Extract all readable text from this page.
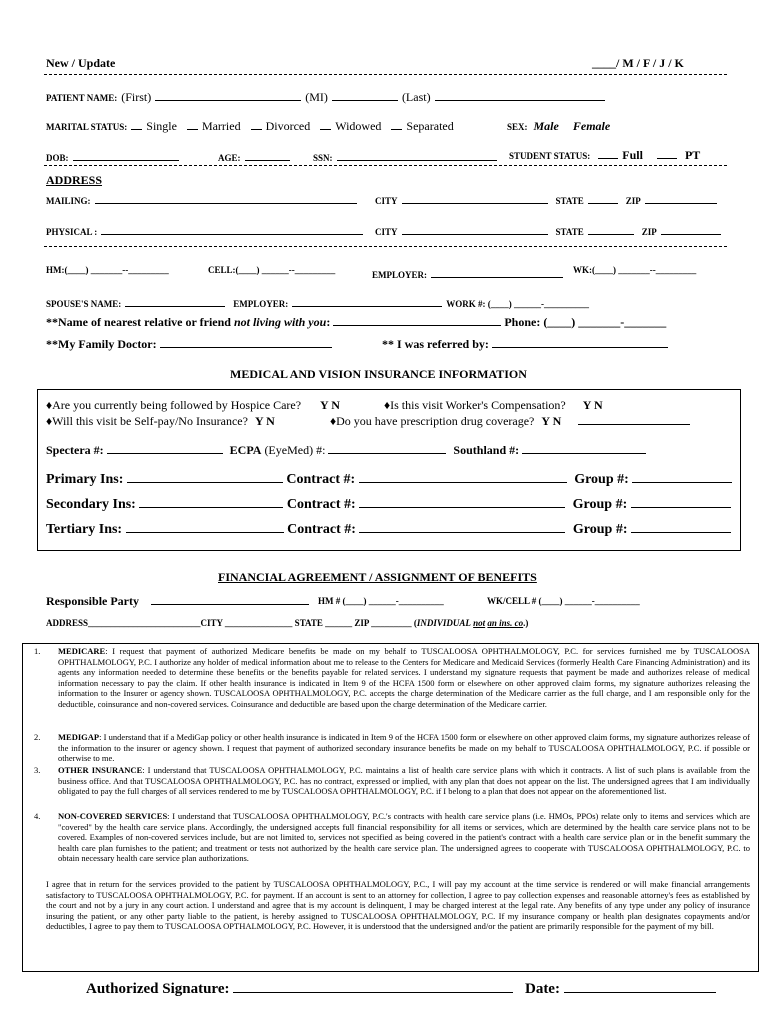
New / Update	____/ M / F / J / K
PATIENT NAME: (First)	(MI)	(Last)
MARITAL STATUS: Single Married Divorced Widowed Separated	SEX: Male Female
DOB:	AGE:	SSN:	STUDENT STATUS:	Full	PT
ADDRESS
MAILING:	CITY	STATE	ZIP
PHYSICAL :	CITY	STATE	ZIP
HM:(____) _______--_________	CELL:(____) ______--_________	EMPLOYER:	WK:(____) _______--_________
SPOUSE'S NAME:	EMPLOYER:	WORK #: (____) ______-__________
**Name of nearest relative or friend not living with you:	Phone: (____) _______-_______
**My Family Doctor:	** I was referred by:
MEDICAL AND VISION INSURANCE INFORMATION
♦Are you currently being followed by Hospice Care? Y N	♦Is this visit Worker's Compensation? Y N
♦Will this visit be Self-pay/No Insurance? Y N	♦Do you have prescription drug coverage? Y N
Spectera #:	ECPA (EyeMed) #:	Southland #:
Primary Ins:	Contract #:	Group #:
Secondary Ins:	Contract #:	Group #:
Tertiary Ins:	Contract #:	Group #:
FINANCIAL AGREEMENT / ASSIGNMENT OF BENEFITS
Responsible Party	HM # (____) ______-__________	WK/CELL # (____) ______-__________
ADDRESS_________________________CITY _______________ STATE ______ ZIP _________ (INDIVIDUAL not an ins. co.)
1. MEDICARE: I request that payment of authorized Medicare benefits be made on my behalf to TUSCALOOSA OPHTHALMOLOGY, P.C. for services furnished me by TUSCALOOSA OPHTHALMOLOGY, P.C. I authorize any holder of medical information about me to release to the Centers for Medicare and Medicaid Services (formerly Health Care Financing Administration) and its agents any information needed to determine these benefits or the benefits payable for related services. I understand my signature requests that payment be made and authorizes release of medical information necessary to pay the claim. If other health insurance is indicated in Item 9 of the HCFA 1500 form or elsewhere on other approved claim forms, my signature authorizes releasing the information to the Insurer or agency shown. TUSCALOOSA OPHTHALMOLOGY, P.C. accepts the charge determination of the Medicare carrier as the full charge, and I am responsible only for the deductible, coinsurance and non-covered services. Coinsurance and deductible are based upon the charge determination of the Medicare carrier.
2. MEDIGAP: I understand that if a MediGap policy or other health insurance is indicated in Item 9 of the HCFA 1500 form or elsewhere on other approved claim forms, my signature authorizes release of the information to the insurer or agency shown. I request that payment of authorized secondary insurance benefits be made on my behalf to TUSCALOOSA OPHTHALMOLOGY, P.C. if possible or otherwise to me.
3. OTHER INSURANCE: I understand that TUSCALOOSA OPHTHALMOLOGY, P.C. maintains a list of health care service plans with which it contracts. A list of such plans is available from the business office. And that TUSCALOOSA OPHTHALMOLOGY, P.C. has no contract, expressed or implied, with any plan that does not appear on the list. The undersigned agrees that I am individually obligated to pay the full charges of all services rendered to me by TUSCALOOSA OPHTHALMOLOGY, P.C. if I belong to a plan that does not appear on the aforementioned list.
4. NON-COVERED SERVICES: I understand that TUSCALOOSA OPHTHALMOLOGY, P.C.'s contracts with health care service plans (i.e. HMOs, PPOs) relate only to items and services which are "covered" by the health care service plans. Accordingly, the undersigned accepts full financial responsibility for all items or services, which are determined by the health care service plans not to be covered. Examples of non-covered services include, but are not limited to, services not specified as being covered in the patient's contract with a health care service plan or in the benefit summary the health care plan furnishes to the patient; and treatment or tests not authorized by the health care service plan. The undersigned agrees to cooperate with TUSCALOOSA OPHTHALMOLOGY, P.C. to obtain necessary health care service plan authorizations.
I agree that in return for the services provided to the patient by TUSCALOOSA OPHTHALMOLOGY, P.C., I will pay my account at the time service is rendered or will make financial arrangements satisfactory to TUSCALOOSA OPHTHALMOLOGY, P.C. for payment. If an account is sent to an attorney for collection, I agree to pay collection expenses and reasonable attorney's fees as established by the court and not by a jury in any court action. I understand and agree that is my account is delinquent, I may be charged interest at the legal rate. Any benefits of any type under any policy of insurance insuring the patient, or any other party liable to the patient, is hereby assigned to TUSCALOOSA OPHTHALMOLOGY, P.C. If my insurance company or health plan designates copayments and/or deductibles, I agree to pay them to TUSCALOOSA OPTHALMOLOGY, P.C. However, it is understood that the undersigned and/or the patient are primarily responsible for the payment of my bill.
Authorized Signature:	Date:
